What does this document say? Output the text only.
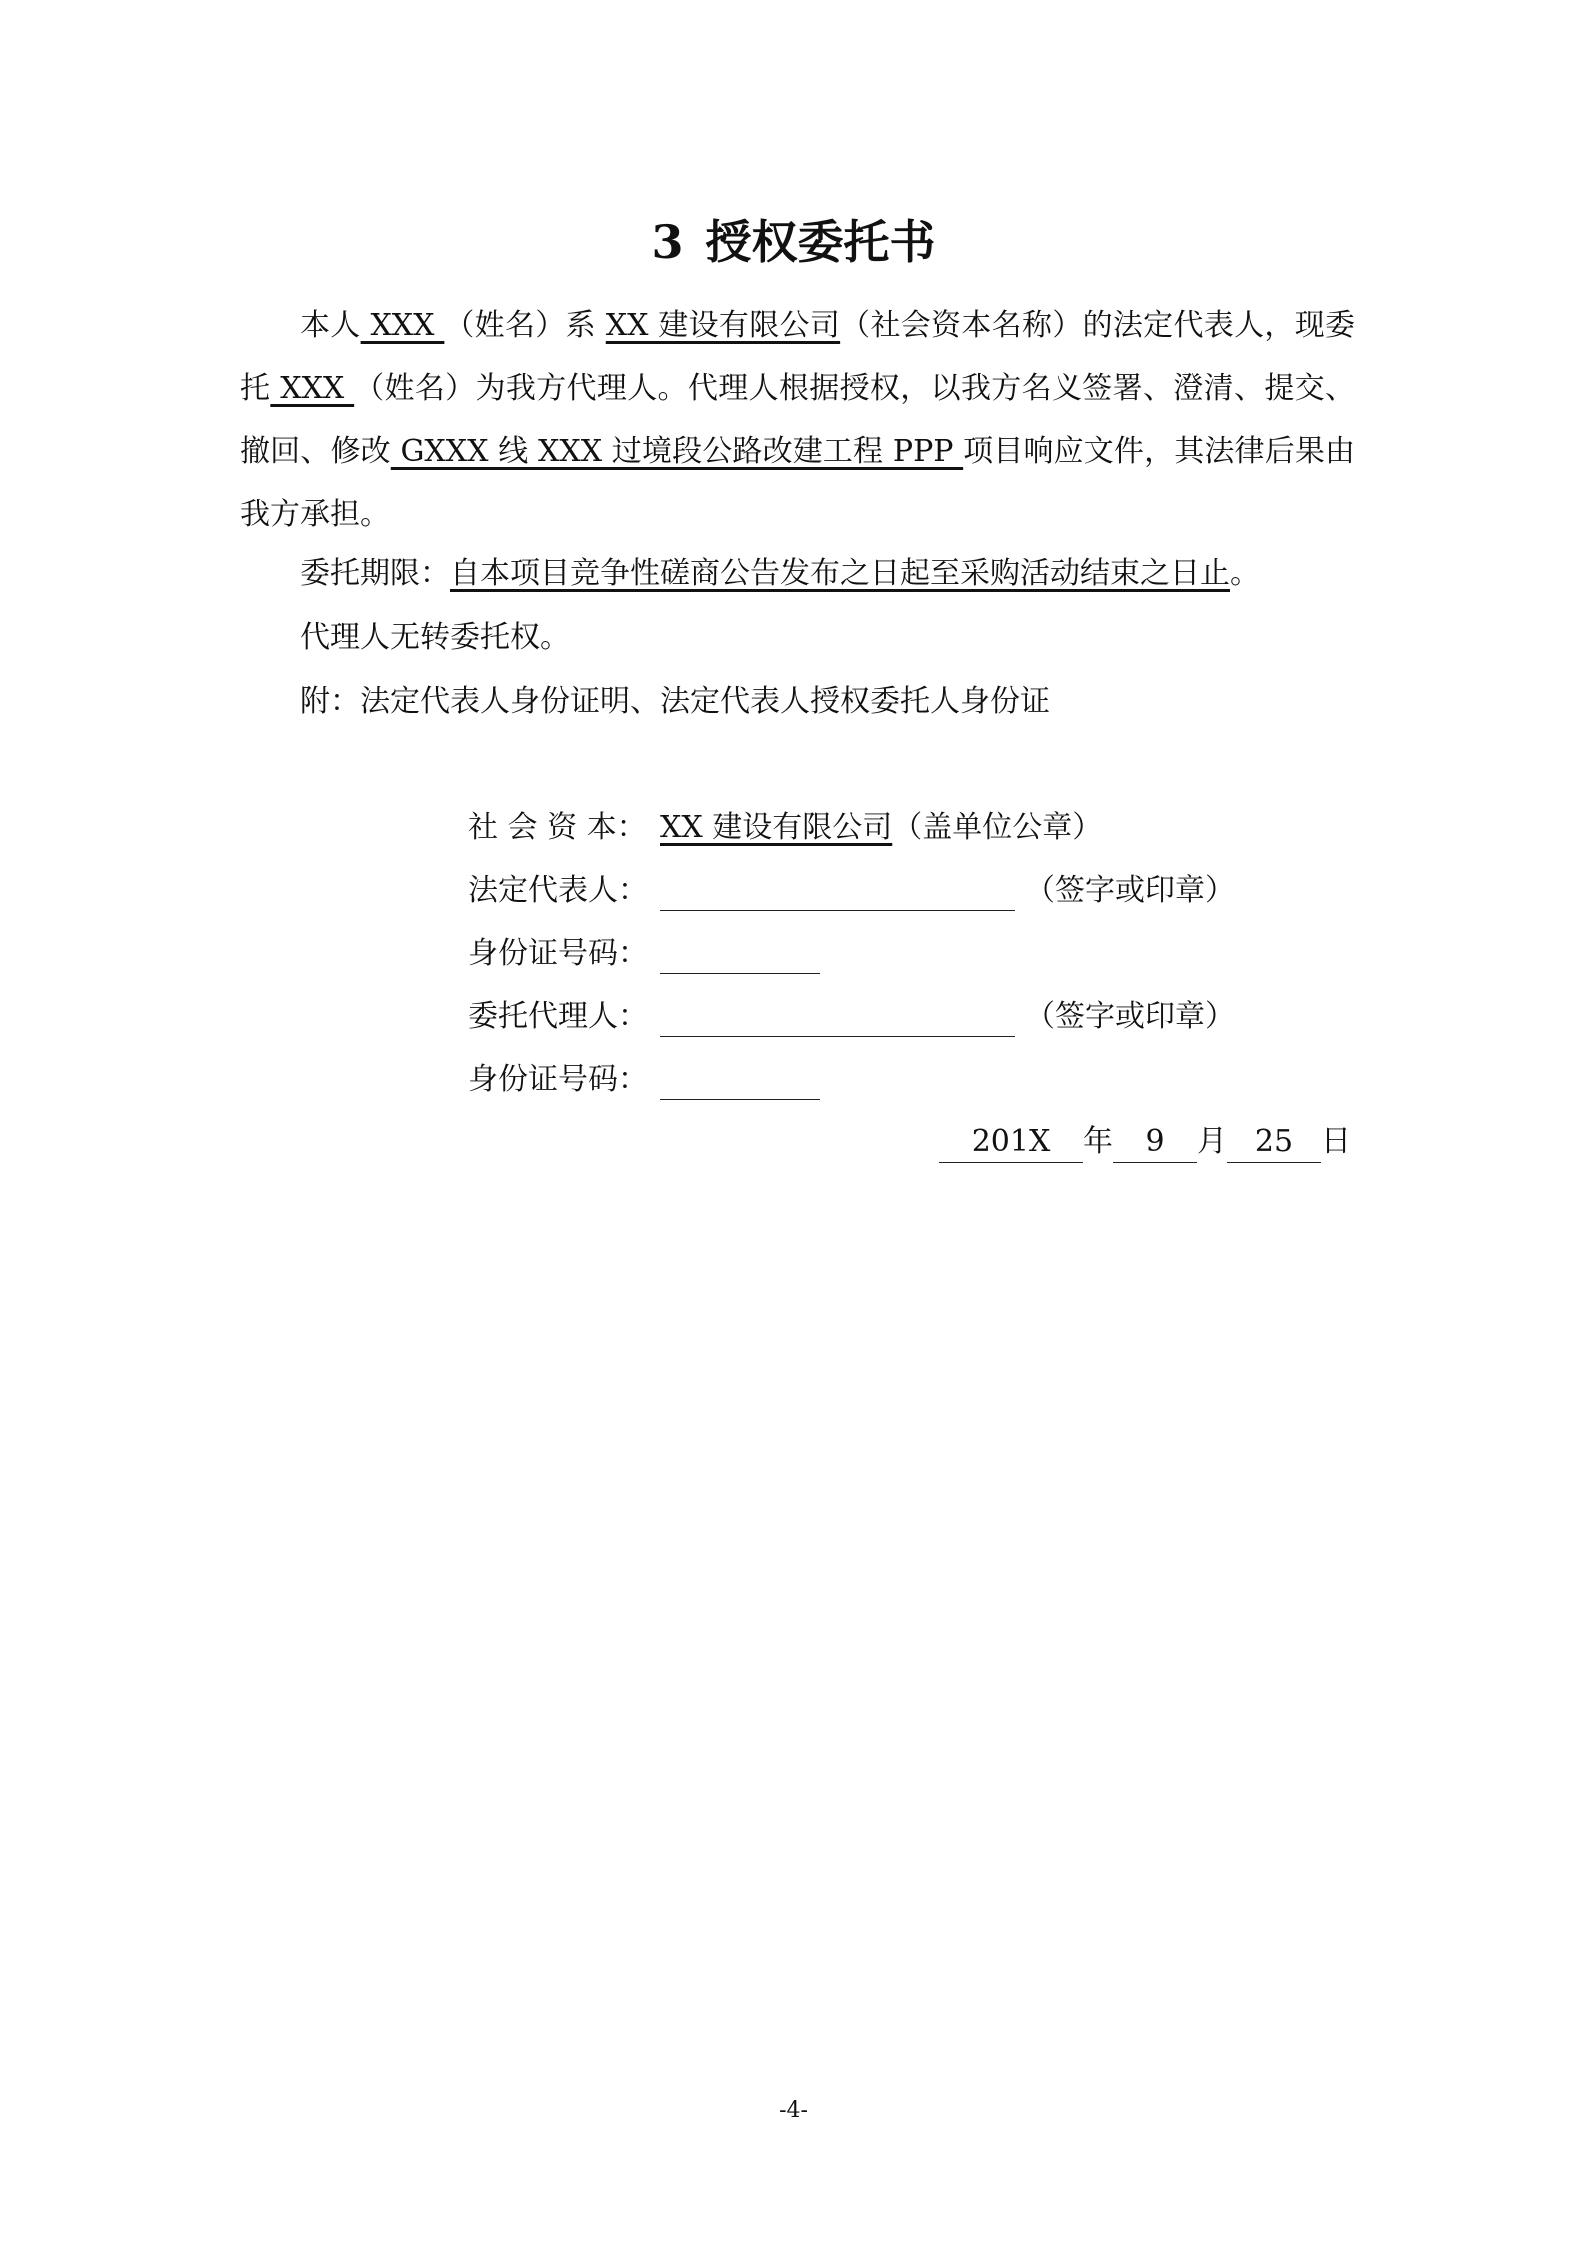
3 授权委托书
本人 XXX （姓名）系 XX 建设有限公司（社会资本名称）的法定代表人，现委托 XXX （姓名）为我方代理人。代理人根据授权，以我方名义签署、澄清、提交、撤回、修改 GXXX 线 XXX 过境段公路改建工程 PPP 项目响应文件，其法律后果由我方承担。
委托期限：自本项目竞争性磋商公告发布之日起至采购活动结束之日止。
代理人无转委托权。
附：法定代表人身份证明、法定代表人授权委托人身份证
社 会 资 本： XX 建设有限公司（盖单位公章）
法定代表人：	（签字或印章）
身份证号码：
委托代理人：	（签字或印章）
身份证号码：
201X 年 9 月 25 日
-4-
